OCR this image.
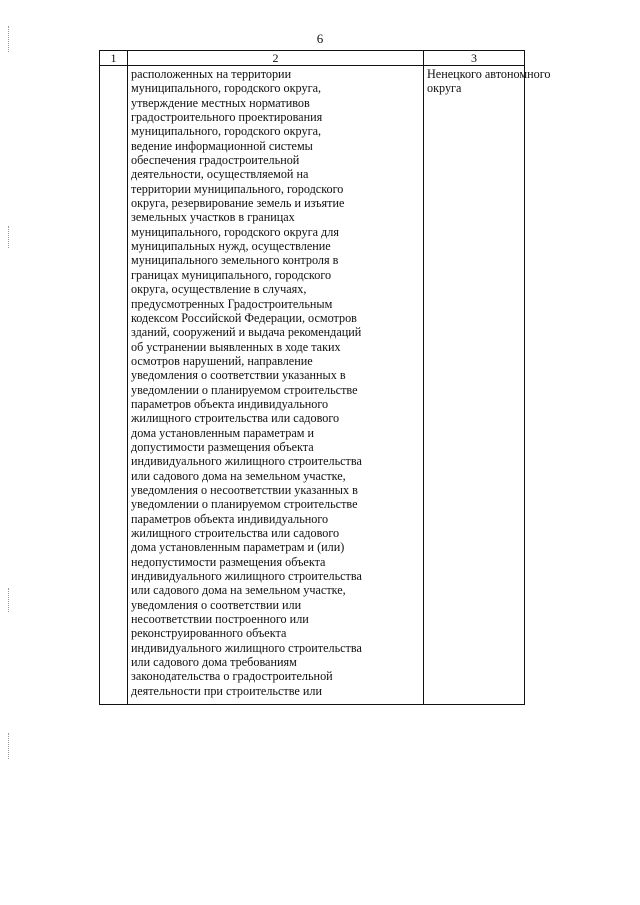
6
1	2	3
расположенных на территории
муниципального, городского округа,
утверждение местных нормативов
градостроительного проектирования
муниципального, городского округа,
ведение информационной системы
обеспечения градостроительной
деятельности, осуществляемой на
территории муниципального, городского
округа, резервирование земель и изъятие
земельных участков в границах
муниципального, городского округа для
муниципальных нужд, осуществление
муниципального земельного контроля в
границах муниципального, городского
округа, осуществление в случаях,
предусмотренных Градостроительным
кодексом Российской Федерации, осмотров
зданий, сооружений и выдача рекомендаций
об устранении выявленных в ходе таких
осмотров нарушений, направление
уведомления о соответствии указанных в
уведомлении о планируемом строительстве
параметров объекта индивидуального
жилищного строительства или садового
дома установленным параметрам и
допустимости размещения объекта
индивидуального жилищного строительства
или садового дома на земельном участке,
уведомления о несоответствии указанных в
уведомлении о планируемом строительстве
параметров объекта индивидуального
жилищного строительства или садового
дома установленным параметрам и (или)
недопустимости размещения объекта
индивидуального жилищного строительства
или садового дома на земельном участке,
уведомления о соответствии или
несоответствии построенного или
реконструированного объекта
индивидуального жилищного строительства
или садового дома требованиям
законодательства о градостроительной
деятельности при строительстве или
Ненецкого автономного
округа
